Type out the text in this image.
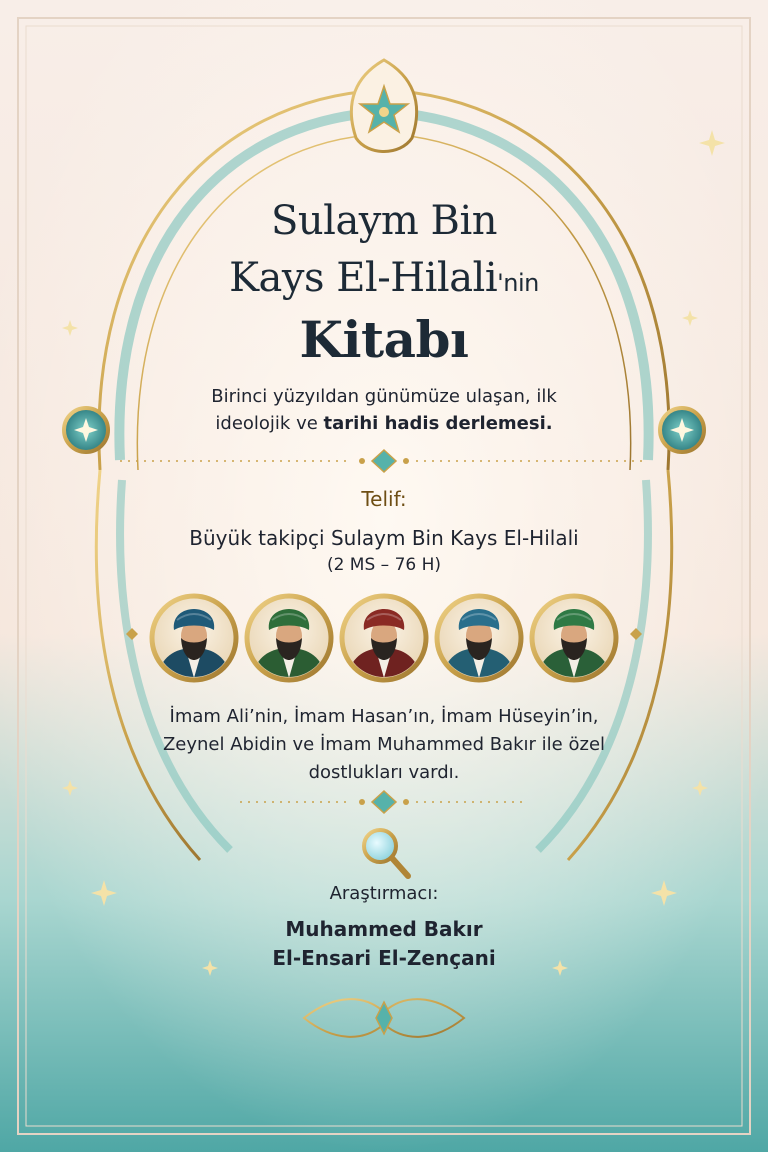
Sulaym Bin
Kays El-Hilali'nin
Kitabı
Birinci yüzyıldan günümüze ulaşan, ilk
ideolojik ve tarihi hadis derlemesi.
Telif:
Büyük takipçi Sulaym Bin Kays El-Hilali
(2 MS – 76 H)
İmam Ali’nin, İmam Hasan’ın, İmam Hüseyin’in,
Zeynel Abidin ve İmam Muhammed Bakır ile özel
dostlukları vardı.
Araştırmacı:
Muhammed Bakır
El-Ensari El-Zençani
